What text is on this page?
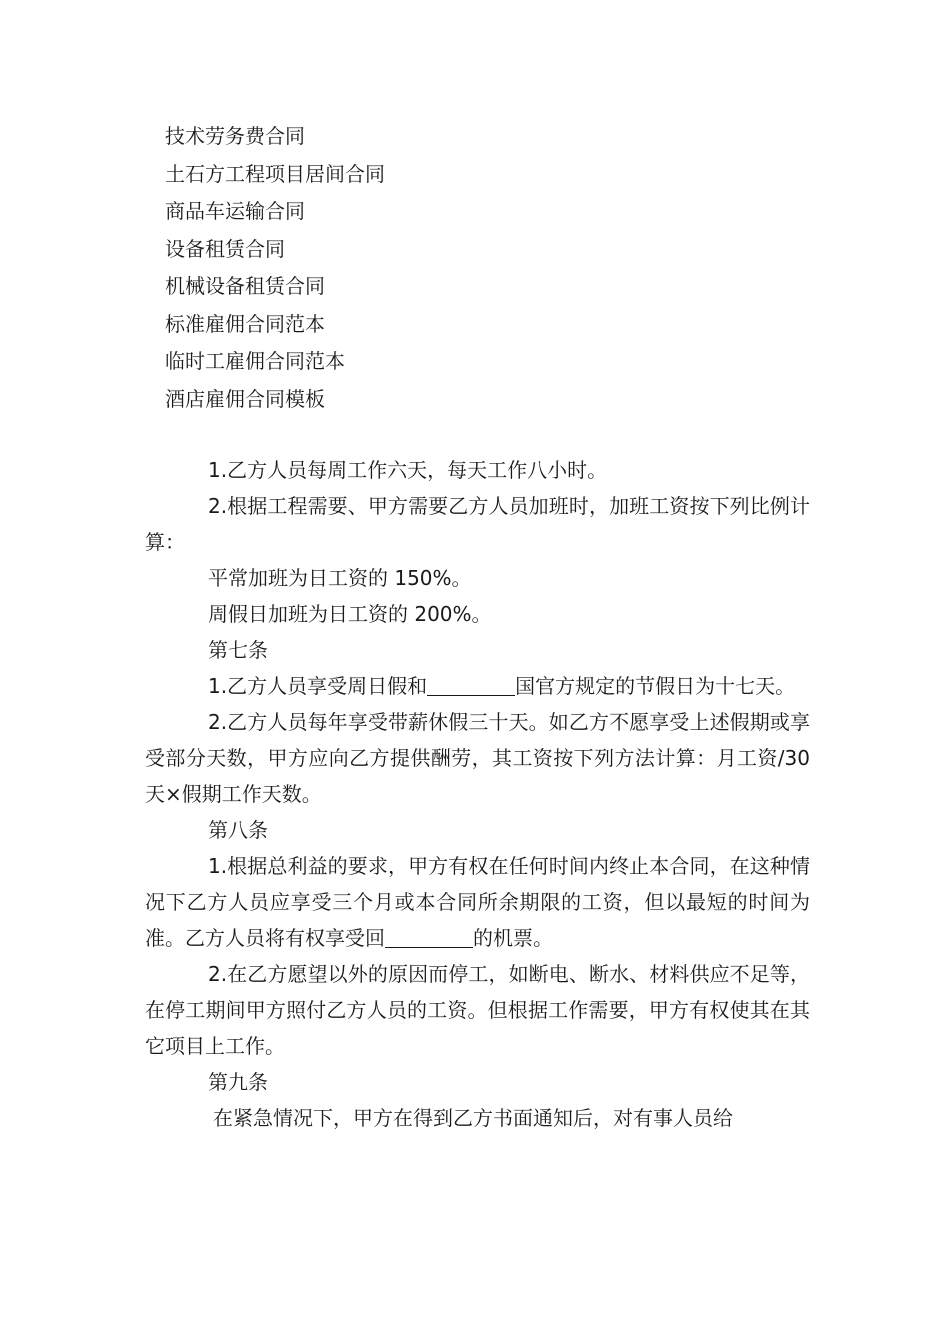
技术劳务费合同
土石方工程项目居间合同
商品车运输合同
设备租赁合同
机械设备租赁合同
标准雇佣合同范本
临时工雇佣合同范本
酒店雇佣合同模板

1.乙方人员每周工作六天，每天工作八小时。

2.根据工程需要、甲方需要乙方人员加班时，加班工资按下列比例计算：

平常加班为日工资的 150%。

周假日加班为日工资的 200%。

第七条

1.乙方人员享受周日假和	国官方规定的节假日为十七天。

2.乙方人员每年享受带薪休假三十天。如乙方不愿享受上述假期或享受部分天数，甲方应向乙方提供酬劳，其工资按下列方法计算：月工资/30 天×假期工作天数。

第八条

1.根据总利益的要求，甲方有权在任何时间内终止本合同，在这种情况下乙方人员应享受三个月或本合同所余期限的工资，但以最短的时间为准。乙方人员将有权享受回	的机票。

2.在乙方愿望以外的原因而停工，如断电、断水、材料供应不足等，在停工期间甲方照付乙方人员的工资。但根据工作需要，甲方有权使其在其它项目上工作。

第九条

在紧急情况下，甲方在得到乙方书面通知后，对有事人员给
